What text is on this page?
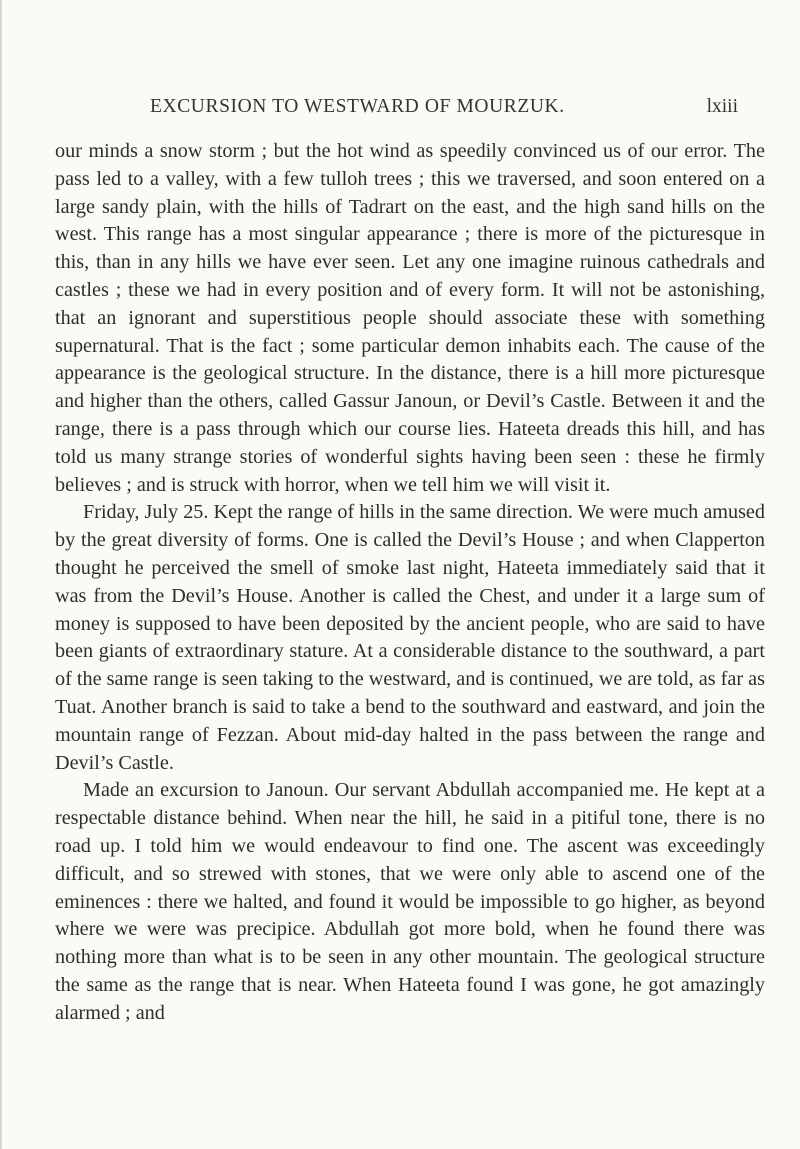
EXCURSION TO WESTWARD OF MOURZUK.	lxiii

our minds a snow storm ; but the hot wind as speedily convinced us of our error. The pass led to a valley, with a few tulloh trees ; this we traversed, and soon entered on a large sandy plain, with the hills of Tadrart on the east, and the high sand hills on the west. This range has a most singular appearance ; there is more of the picturesque in this, than in any hills we have ever seen. Let any one imagine ruinous cathedrals and castles ; these we had in every position and of every form. It will not be astonishing, that an ignorant and superstitious people should associate these with something supernatural. That is the fact ; some particular demon inhabits each. The cause of the appearance is the geological structure. In the distance, there is a hill more picturesque and higher than the others, called Gassur Janoun, or Devil’s Castle. Between it and the range, there is a pass through which our course lies. Hateeta dreads this hill, and has told us many strange stories of wonderful sights having been seen : these he firmly believes ; and is struck with horror, when we tell him we will visit it.

Friday, July 25. Kept the range of hills in the same direction. We were much amused by the great diversity of forms. One is called the Devil’s House ; and when Clapperton thought he perceived the smell of smoke last night, Hateeta immediately said that it was from the Devil’s House. Another is called the Chest, and under it a large sum of money is supposed to have been deposited by the ancient people, who are said to have been giants of extraordinary stature. At a considerable distance to the southward, a part of the same range is seen taking to the westward, and is continued, we are told, as far as Tuat. Another branch is said to take a bend to the southward and eastward, and join the mountain range of Fezzan. About mid-day halted in the pass between the range and Devil’s Castle.

Made an excursion to Janoun. Our servant Abdullah accompanied me. He kept at a respectable distance behind. When near the hill, he said in a pitiful tone, there is no road up. I told him we would endeavour to find one. The ascent was exceedingly difficult, and so strewed with stones, that we were only able to ascend one of the eminences : there we halted, and found it would be impossible to go higher, as beyond where we were was precipice. Abdullah got more bold, when he found there was nothing more than what is to be seen in any other mountain. The geological structure the same as the range that is near. When Hateeta found I was gone, he got amazingly alarmed ; and
